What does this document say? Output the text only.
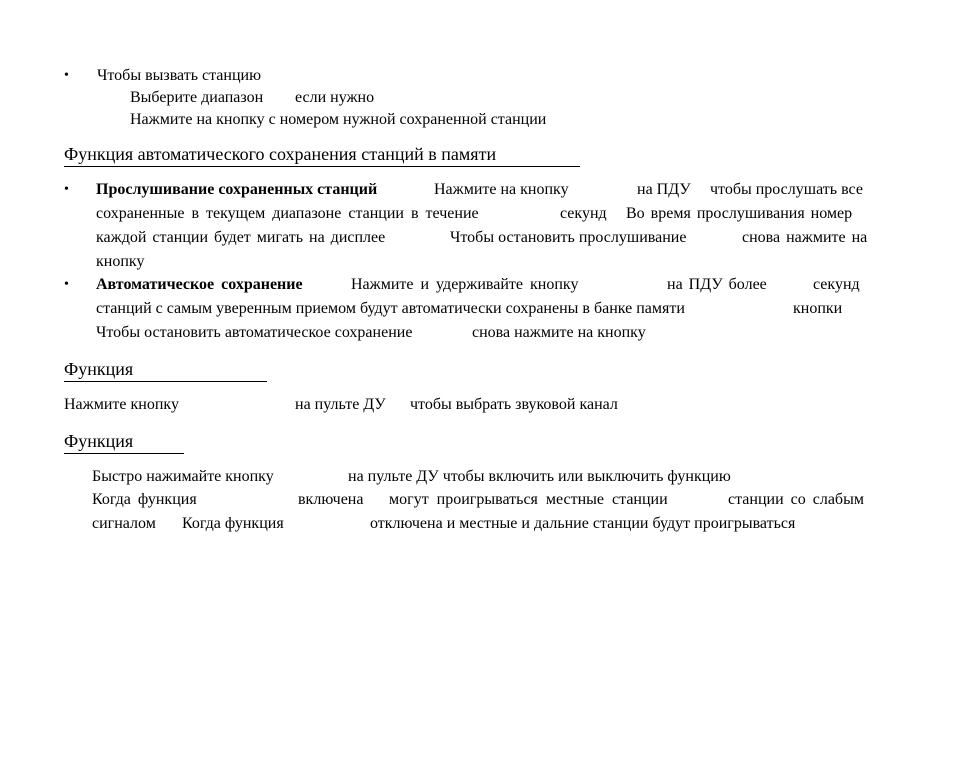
• Чтобы вызвать станцию
Выберите диапазон если нужно
Нажмите на кнопку с номером нужной сохраненной станции
Функция автоматического сохранения станций в памяти
• Прослушивание сохраненных станций	Нажмите на кнопку	на ПДУ чтобы прослушать все
сохраненные в текущем диапазоне станции в течение	секунд Во время прослушивания номер
каждой станции будет мигать на дисплее	Чтобы остановить прослушивание	снова нажмите на
кнопку
• Автоматическое сохранение	Нажмите и удерживайте кнопку	на ПДУ более	секунд
станций с самым уверенным приемом будут автоматически сохранены в банке памяти	кнопки
Чтобы остановить автоматическое сохранение	снова нажмите на кнопку
Функция
Нажмите кнопку	на пульте ДУ чтобы выбрать звуковой канал
Функция
Быстро нажимайте кнопку	на пульте ДУ чтобы включить или выключить функцию
Когда функция	включена могут проигрываться местные станции	станции со слабым
сигналом Когда функция	отключена и местные и дальние станции будут проигрываться
